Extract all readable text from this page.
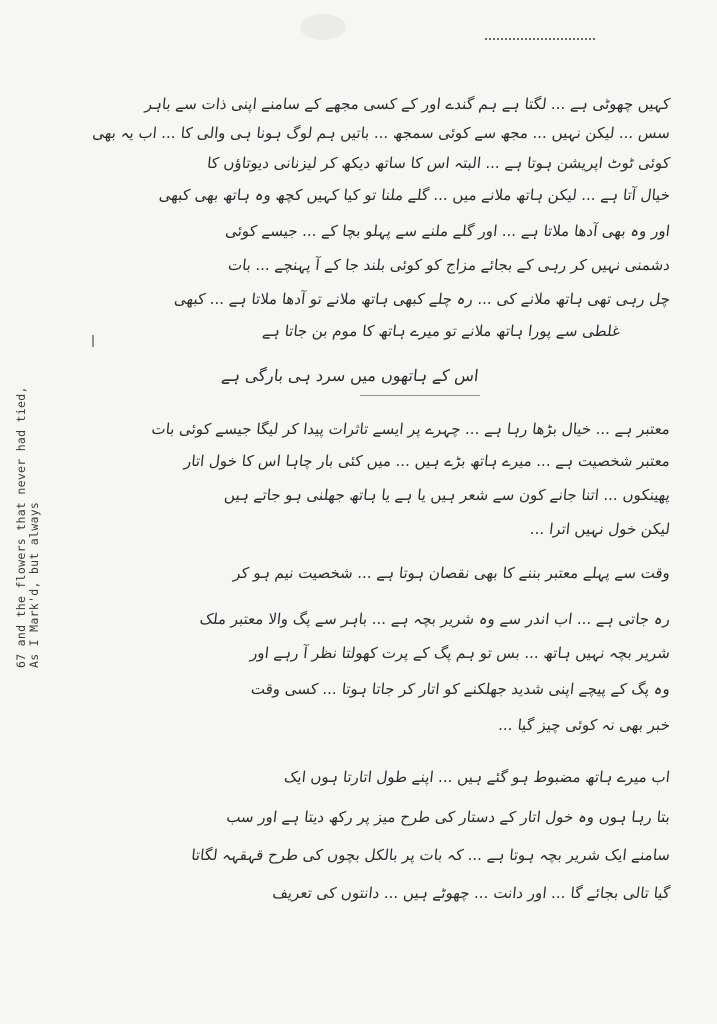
67 and the flowers that never had tied, As I Mark'd, but always
کہیں چھوٹی ہے ... لگتا ہے ہم گندے اور کے کسی مجھے کے سامنے اپنی ذات سے باہر
سس ... لیکن نہیں ... مجھ سے کوئی سمجھ ... باتیں ہم لوگ ہونا ہی والی کا ... اب یہ بھی
کوئی ٹوٹ اپریشن ہوتا ہے ... البتہ اس کا ساتھ دیکھ کر لیزنانی دیوتاؤں کا
خیال آتا ہے ... لیکن ہاتھ ملانے میں ... گلے ملنا تو کیا کہیں کچھ وہ ہاتھ بھی کبھی
اور وہ بھی آدھا ملاتا ہے ... اور گلے ملنے سے پہلو بچا کے ... جیسے کوئی
دشمنی نہیں کر رہی کے بجائے مزاج کو کوئی بلند جا کے آ پہنچے ... بات
چل رہی تھی ہاتھ ملانے کی ... رہ چلے کبھی ہاتھ ملانے تو آدھا ملاتا ہے ... کبھی
غلطی سے پورا ہاتھ ملانے تو میرے ہاتھ کا موم بن جاتا ہے
اس کے ہاتھوں میں سرد ہی بارگی ہے
معتبر ہے ... خیال بڑھا رہا ہے ... چہرے پر ایسے تاثرات پیدا کر لیگا جیسے کوئی بات
معتبر شخصیت ہے ... میرے ہاتھ بڑے ہیں ... میں کئی بار چاہا اس کا خول اتار
پھینکوں ... اتنا جانے کون سے شعر ہیں یا ہے یا ہاتھ جھلنی ہو جاتے ہیں
لیکن خول نہیں اترا ...
وقت سے پہلے معتبر بننے کا بھی نقصان ہوتا ہے ... شخصیت نیم ہو کر
رہ جاتی ہے ... اب اندر سے وہ شریر بچہ ہے ... باہر سے پگ والا معتبر ملک
شریر بچہ نہیں ہاتھ ... بس تو ہم پگ کے پرت کھولتا نظر آ رہے اور
وہ پگ کے پیچے اپنی شدید جھلکنے کو اتار کر جاتا ہوتا ... کسی وقت
خبر بھی نہ کوئی چیز گیا ...
اب میرے ہاتھ مضبوط ہو گئے ہیں ... اپنے طول اتارتا ہوں ایک
بتا رہا ہوں وہ خول اتار کے دستار کی طرح میز پر رکھ دیتا ہے اور سب
سامنے ایک شریر بچہ ہوتا ہے ... کہ بات پر بالکل بچوں کی طرح قہقہہ لگاتا
گیا تالی بجائے گا ... اور دانت ... چھوٹے ہیں ... دانتوں کی تعریف
